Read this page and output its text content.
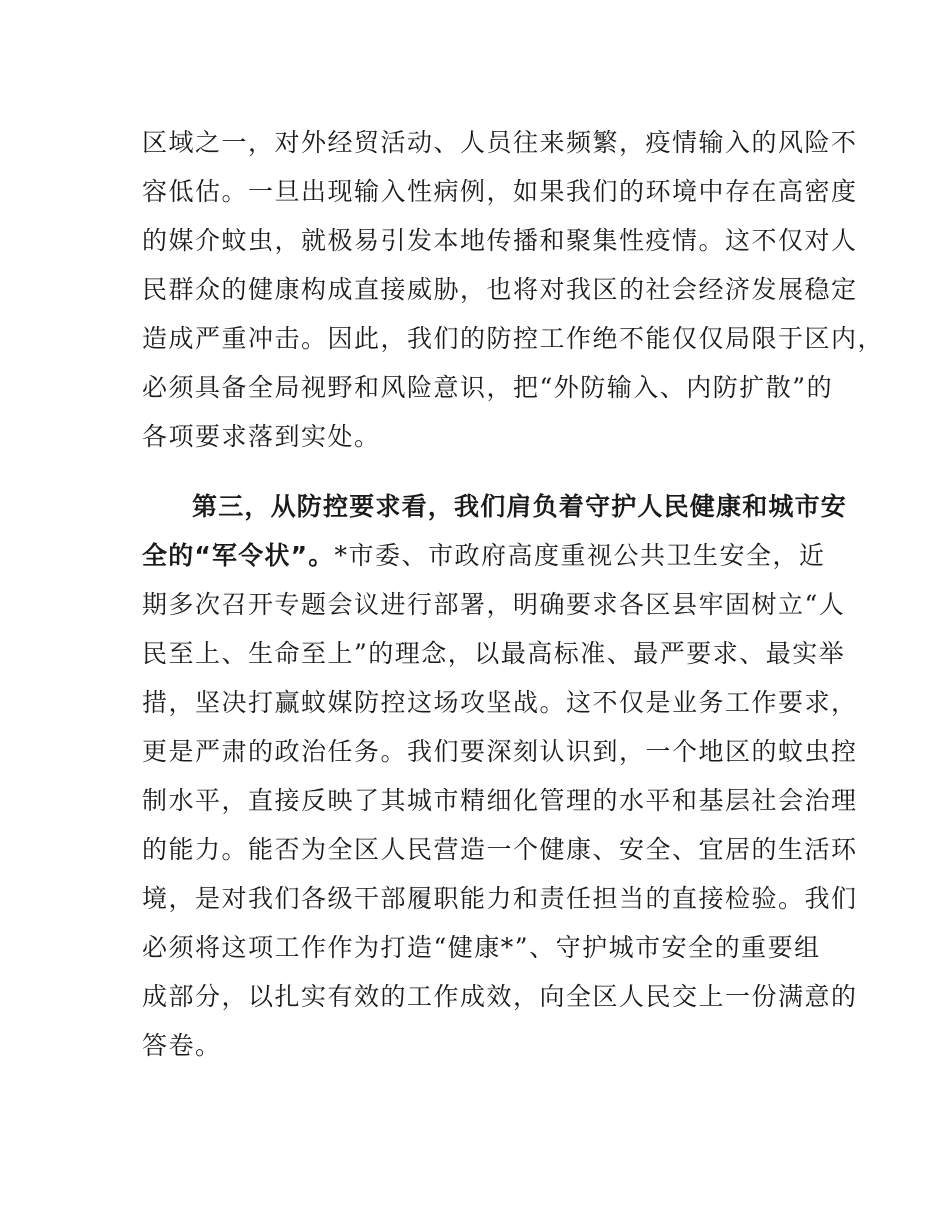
区域之一，对外经贸活动、人员往来频繁，疫情输入的风险不
容低估。一旦出现输入性病例，如果我们的环境中存在高密度
的媒介蚊虫，就极易引发本地传播和聚集性疫情。这不仅对人
民群众的健康构成直接威胁，也将对我区的社会经济发展稳定
造成严重冲击。因此，我们的防控工作绝不能仅仅局限于区内，
必须具备全局视野和风险意识，把“外防输入、内防扩散”的
各项要求落到实处。
第三，从防控要求看，我们肩负着守护人民健康和城市安
全的“军令状”。*市委、市政府高度重视公共卫生安全，近
期多次召开专题会议进行部署，明确要求各区县牢固树立“人
民至上、生命至上”的理念，以最高标准、最严要求、最实举
措，坚决打赢蚊媒防控这场攻坚战。这不仅是业务工作要求，
更是严肃的政治任务。我们要深刻认识到，一个地区的蚊虫控
制水平，直接反映了其城市精细化管理的水平和基层社会治理
的能力。能否为全区人民营造一个健康、安全、宜居的生活环
境，是对我们各级干部履职能力和责任担当的直接检验。我们
必须将这项工作作为打造“健康*”、守护城市安全的重要组
成部分，以扎实有效的工作成效，向全区人民交上一份满意的
答卷。
